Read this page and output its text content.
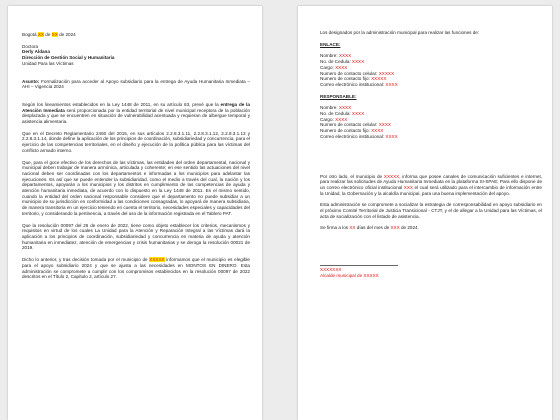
Bogotá,XX de XX de 2024
Doctora
Derly Aldana
Dirección de Gestión Social y Humanitaria
Unidad Para las Víctimas

Asunto: Formalización para acceder al Apoyo subsidiario para la entrega de Ayuda Humanitaria Inmediata – AHI – Vigencia 2024

Según los lineamientos establecidos en la Ley 1448 de 2011, en su artículo 63, prevé que la entrega de la Atención Inmediata será proporcionada por la entidad territorial de nivel municipal receptora de la población desplazada y que se encuentren en situación de vulnerabilidad acentuada y requieran de albergue temporal y asistencia alimentaria.

Que en el Decreto Reglamentario 2460 del 2015, en sus artículos 2.2.8.3.1.11, 2.2.8.3.1.12, 2.2.8.3.1.13 y 2.2.8.3.1.14, donde define la aplicación de los principios de coordinación, subsidiariedad y concurrencia, para el ejercicio de las competencias territoriales, en el diseño y ejecución de la política pública para las víctimas del conflicto armado interno.

Que, para el goce efectivo de los derechos de las víctimas, las entidades del orden departamental, nacional y municipal deben trabajar de manera armónica, articulada y coherente; en ese sentido las actuaciones del nivel nacional deben ser coordinadas con los departamentos e informadas a los municipios para adelantar las ejecuciones. Es así que se puede entender la subsidiaridad, como el medio a través del cual, la nación y los departamentos, apoyarán a los municipios y los distritos en cumplimiento de las competencias de ayuda y atención humanitaria inmediata, de acuerdo con lo dispuesto en la Ley 1448 de 2011. En el mismo sentido, cuando la entidad del orden nacional responsable considere que el departamento no puede subsidiar a un municipio de su jurisdicción en conformidad a las condiciones consagradas, lo apoyará de manera subsidiaria, de manera transitoria en un ejercicio teniendo en cuenta el territorio, necesidades especiales y capacidades del territorio, y considerando la pertinencia, a través del uso de la información registrada en el Tablero PAT.

Que la resolución 00097 del 26 de enero de 2022, tiene como objeto establecer los criterios, mecanismos y requisitos en virtud de los cuales La Unidad para la Atención y Reparación Integral a las Víctimas dará la aplicación a los principios de coordinación, subsidiariedad y concurrencia en materia de ayuda y atención humanitaria en inmediatez, atención de emergencias y crisis humanitarias y se deroga la resolución 00021 de 2019.

Dicho lo anterior, y tras decisión tomada por el municipio de XXXXX informamos que el municipio es elegible para el apoyo subsidiario 2024 y que se ajusta a las necesidades en MONTOS EN DINERO. Esta administración se compromete a cumplir con los compromisos establecidos en la resolución 00097 de 2022 descritos en el Título 2, Capítulo 2, artículo 27.

Los designados por la administración municipal para realizar las funciones de:
ENLACE:
Nombre: XXXX
No. de Cedula: XXXX
Cargo: XXXX
Numero de contacto celular: XXXXX
Numero de contacto fijo: XXXXX
Correo electrónico institucional: XXXX
RESPONSABLE:
Nombre: XXXX
No. de Cedula: XXXX
Cargo: XXXX
Numero de contacto celular: XXXX
Numero de contacto fijo: XXXX
Correo electrónico institucional: XXXX

Por otro lado, el municipio de XXXXX, informa que posee canales de comunicación suficientes e internet, para realizar las solicitudes de Ayuda Humanitaria Inmediata en la plataforma SI-SPAE; Para ello dispone de un correo electrónico oficial institucional XXX el cual será utilizado para el intercambio de información entre la Unidad, la Gobernación y la alcaldía municipal, para una buena implementación del apoyo.

Esta administración se compromete a socializar la estrategia de corresponsabilidad en apoyo subsidiario en el próximo Comité Territorial de Justicia Transicional - CTJT, y el de allegar a la Unidad para las Víctimas, el acta de socialización con el listado de asistencia.

Se firma a los XX días del mes de XXX de 2024.
XXXXXXX
Alcalde municipal de XXXXX
